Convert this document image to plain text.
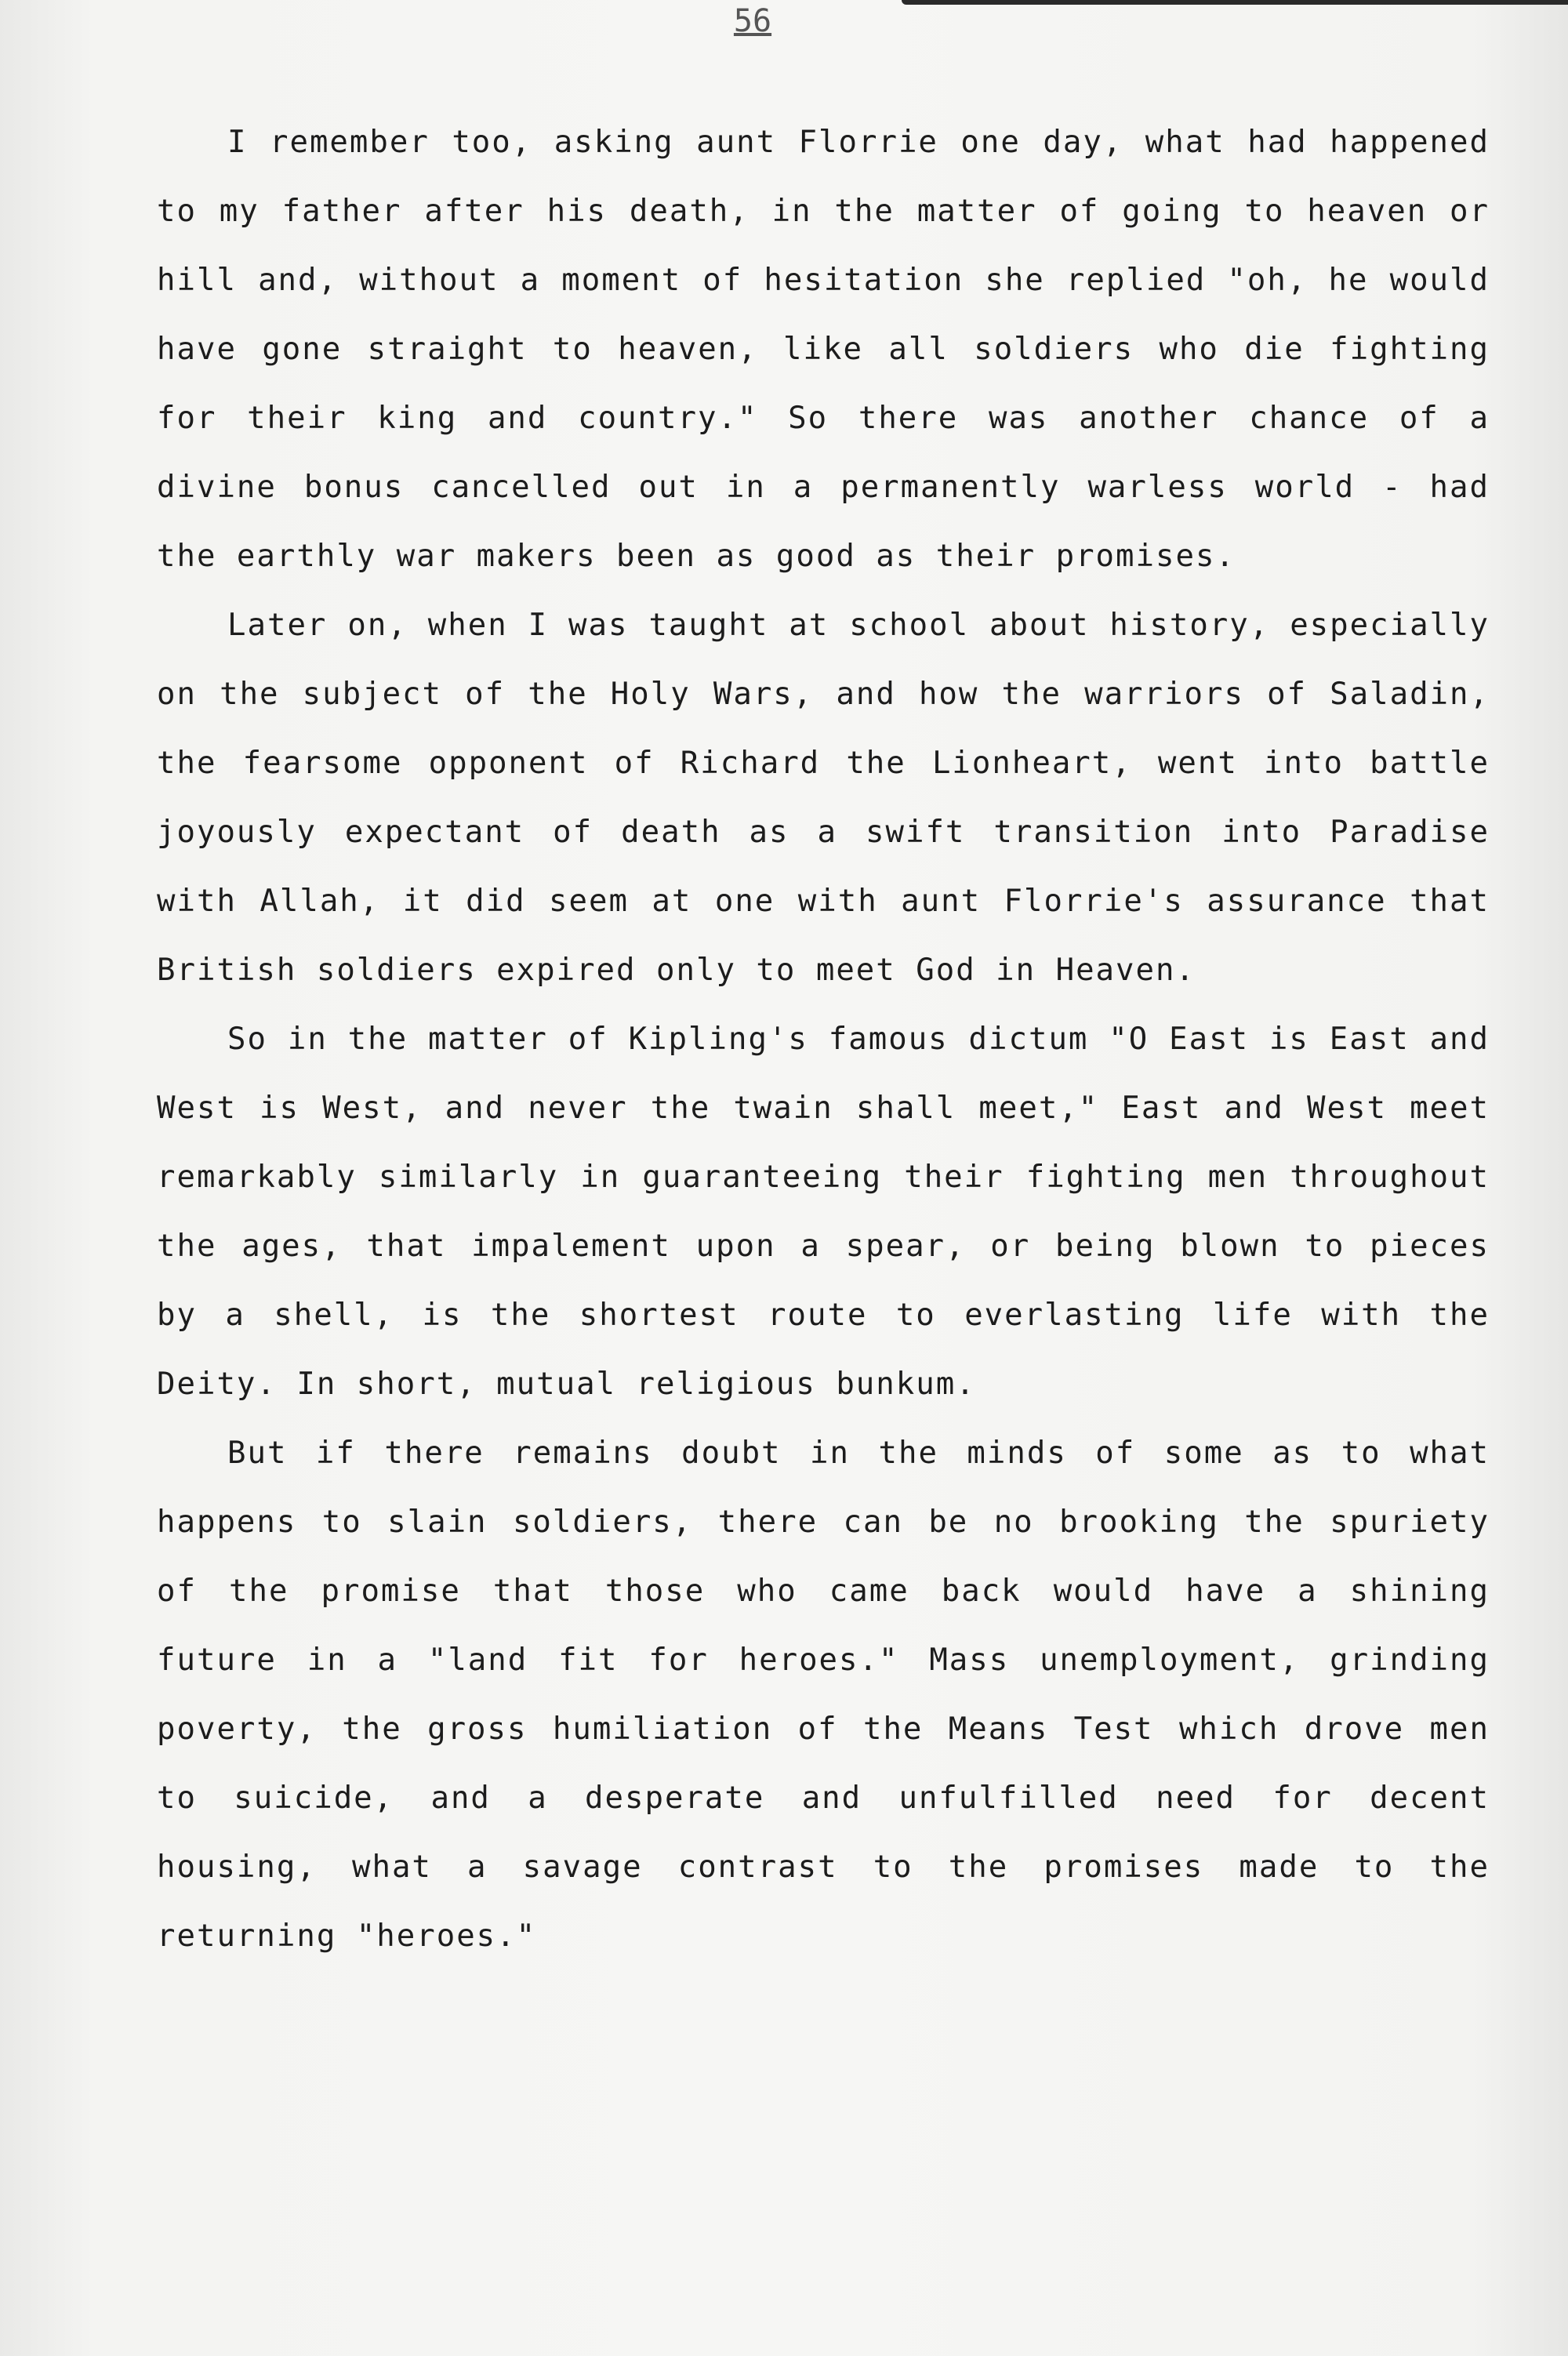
56

I remember too, asking aunt Florrie one day, what had happened to my father after his death, in the matter of going to heaven or hill and, without a moment of hesitation she replied "oh, he would have gone straight to heaven, like all soldiers who die fighting for their king and country." So there was another chance of a divine bonus cancelled out in a permanently warless world - had the earthly war makers been as good as their promises.

Later on, when I was taught at school about history, especially on the subject of the Holy Wars, and how the warriors of Saladin, the fearsome opponent of Richard the Lionheart, went into battle joyously expectant of death as a swift transition into Paradise with Allah, it did seem at one with aunt Florrie's assurance that British soldiers expired only to meet God in Heaven.

So in the matter of Kipling's famous dictum "O East is East and West is West, and never the twain shall meet," East and West meet remarkably similarly in guaranteeing their fighting men throughout the ages, that impalement upon a spear, or being blown to pieces by a shell, is the shortest route to everlasting life with the Deity. In short, mutual religious bunkum.

But if there remains doubt in the minds of some as to what happens to slain soldiers, there can be no brooking the spuriety of the promise that those who came back would have a shining future in a "land fit for heroes." Mass unemployment, grinding poverty, the gross humiliation of the Means Test which drove men to suicide, and a desperate and unfulfilled need for decent housing, what a savage contrast to the promises made to the returning "heroes."
